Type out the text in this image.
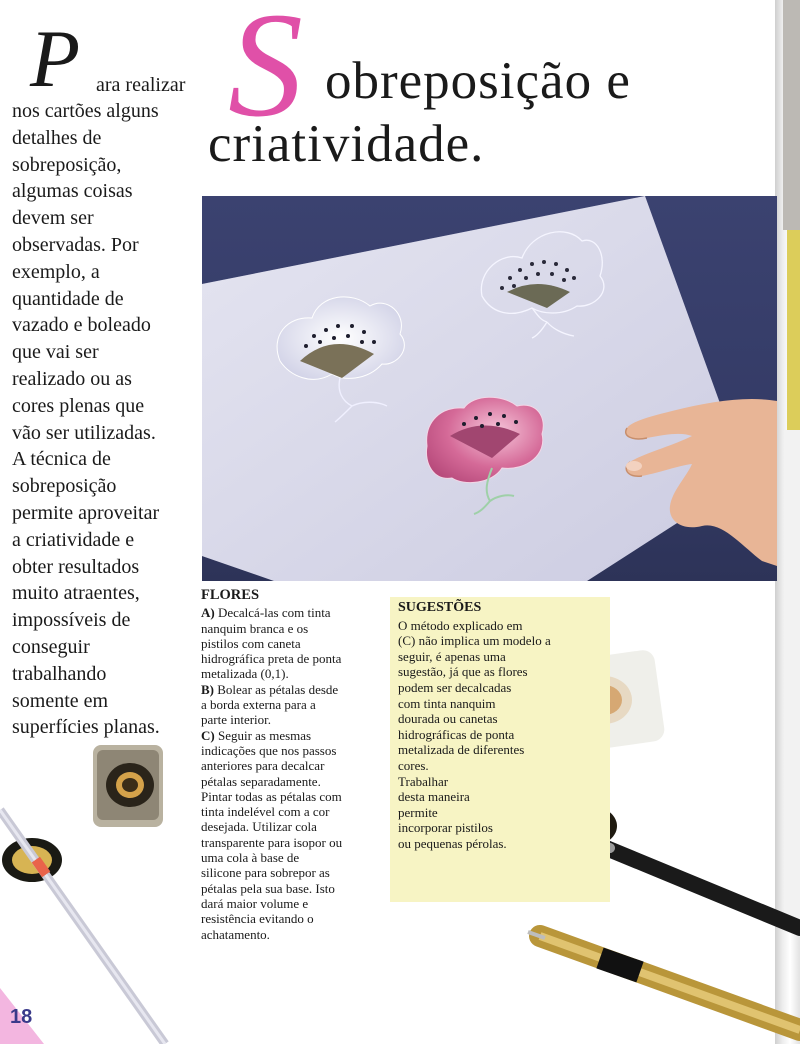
S obreposição e
criatividade.
P ara realizar
nos cartões alguns
detalhes de
sobreposição,
algumas coisas
devem ser
observadas. Por
exemplo, a
quantidade de
vazado e boleado
que vai ser
realizado ou as
cores plenas que
vão ser utilizadas.
A técnica de
sobreposição
permite aproveitar
a criatividade e
obter resultados
muito atraentes,
impossíveis de
conseguir
trabalhando
somente em
superfícies planas.
FLORES
A) Decalcá-las com tinta
nanquim branca e os
pistilos com caneta
hidrográfica preta de ponta
metalizada (0,1).
B) Bolear as pétalas desde
a borda externa para a
parte interior.
C) Seguir as mesmas
indicações que nos passos
anteriores para decalcar
pétalas separadamente.
Pintar todas as pétalas com
tinta indelével com a cor
desejada. Utilizar cola
transparente para isopor ou
uma cola à base de
silicone para sobrepor as
pétalas pela sua base. Isto
dará maior volume e
resistência evitando o
achatamento.
SUGESTÕES
O método explicado em
(C) não implica um modelo a
seguir, é apenas uma
sugestão, já que as flores
podem ser decalcadas
com tinta nanquim
dourada ou canetas
hidrográficas de ponta
metalizada de diferentes
cores.
Trabalhar
desta maneira
permite
incorporar pistilos
ou pequenas pérolas.
18
